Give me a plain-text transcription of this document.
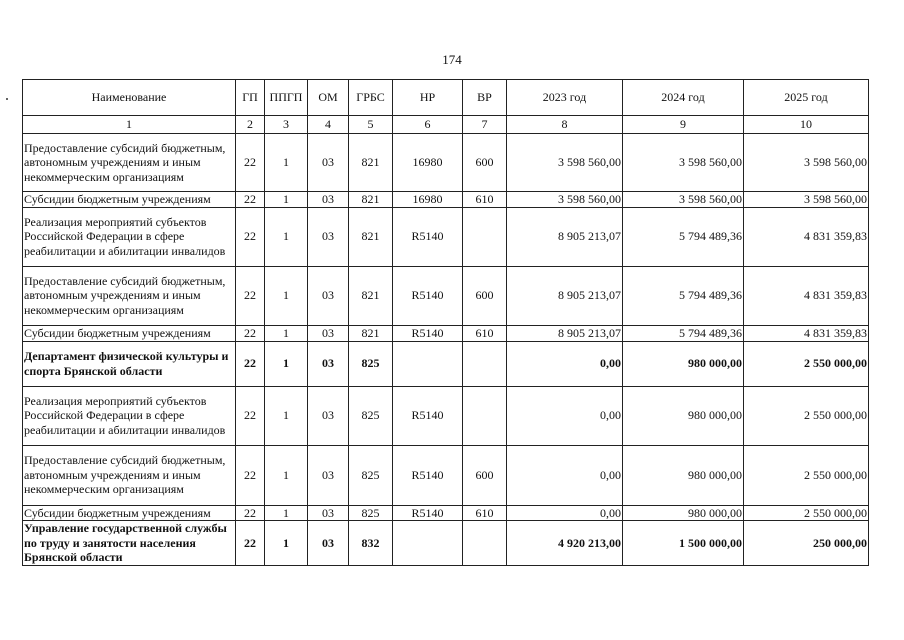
174
Наименование	ГП	ППГП	ОМ	ГРБС	НР	ВР	2023 год	2024 год	2025 год
1	2	3	4	5	6	7	8	9	10
Предоставление субсидий бюджетным, автономным учреждениям и иным некоммерческим организациям	22	1	03	821	16980	600	3 598 560,00	3 598 560,00	3 598 560,00
Субсидии бюджетным учреждениям	22	1	03	821	16980	610	3 598 560,00	3 598 560,00	3 598 560,00
Реализация мероприятий субъектов Российской Федерации в сфере реабилитации и абилитации инвалидов	22	1	03	821	R5140		8 905 213,07	5 794 489,36	4 831 359,83
Предоставление субсидий бюджетным, автономным учреждениям и иным некоммерческим организациям	22	1	03	821	R5140	600	8 905 213,07	5 794 489,36	4 831 359,83
Субсидии бюджетным учреждениям	22	1	03	821	R5140	610	8 905 213,07	5 794 489,36	4 831 359,83
Департамент физической культуры и спорта Брянской области	22	1	03	825			0,00	980 000,00	2 550 000,00
Реализация мероприятий субъектов Российской Федерации в сфере реабилитации и абилитации инвалидов	22	1	03	825	R5140		0,00	980 000,00	2 550 000,00
Предоставление субсидий бюджетным, автономным учреждениям и иным некоммерческим организациям	22	1	03	825	R5140	600	0,00	980 000,00	2 550 000,00
Субсидии бюджетным учреждениям	22	1	03	825	R5140	610	0,00	980 000,00	2 550 000,00
Управление государственной службы по труду и занятости населения Брянской области	22	1	03	832			4 920 213,00	1 500 000,00	250 000,00
